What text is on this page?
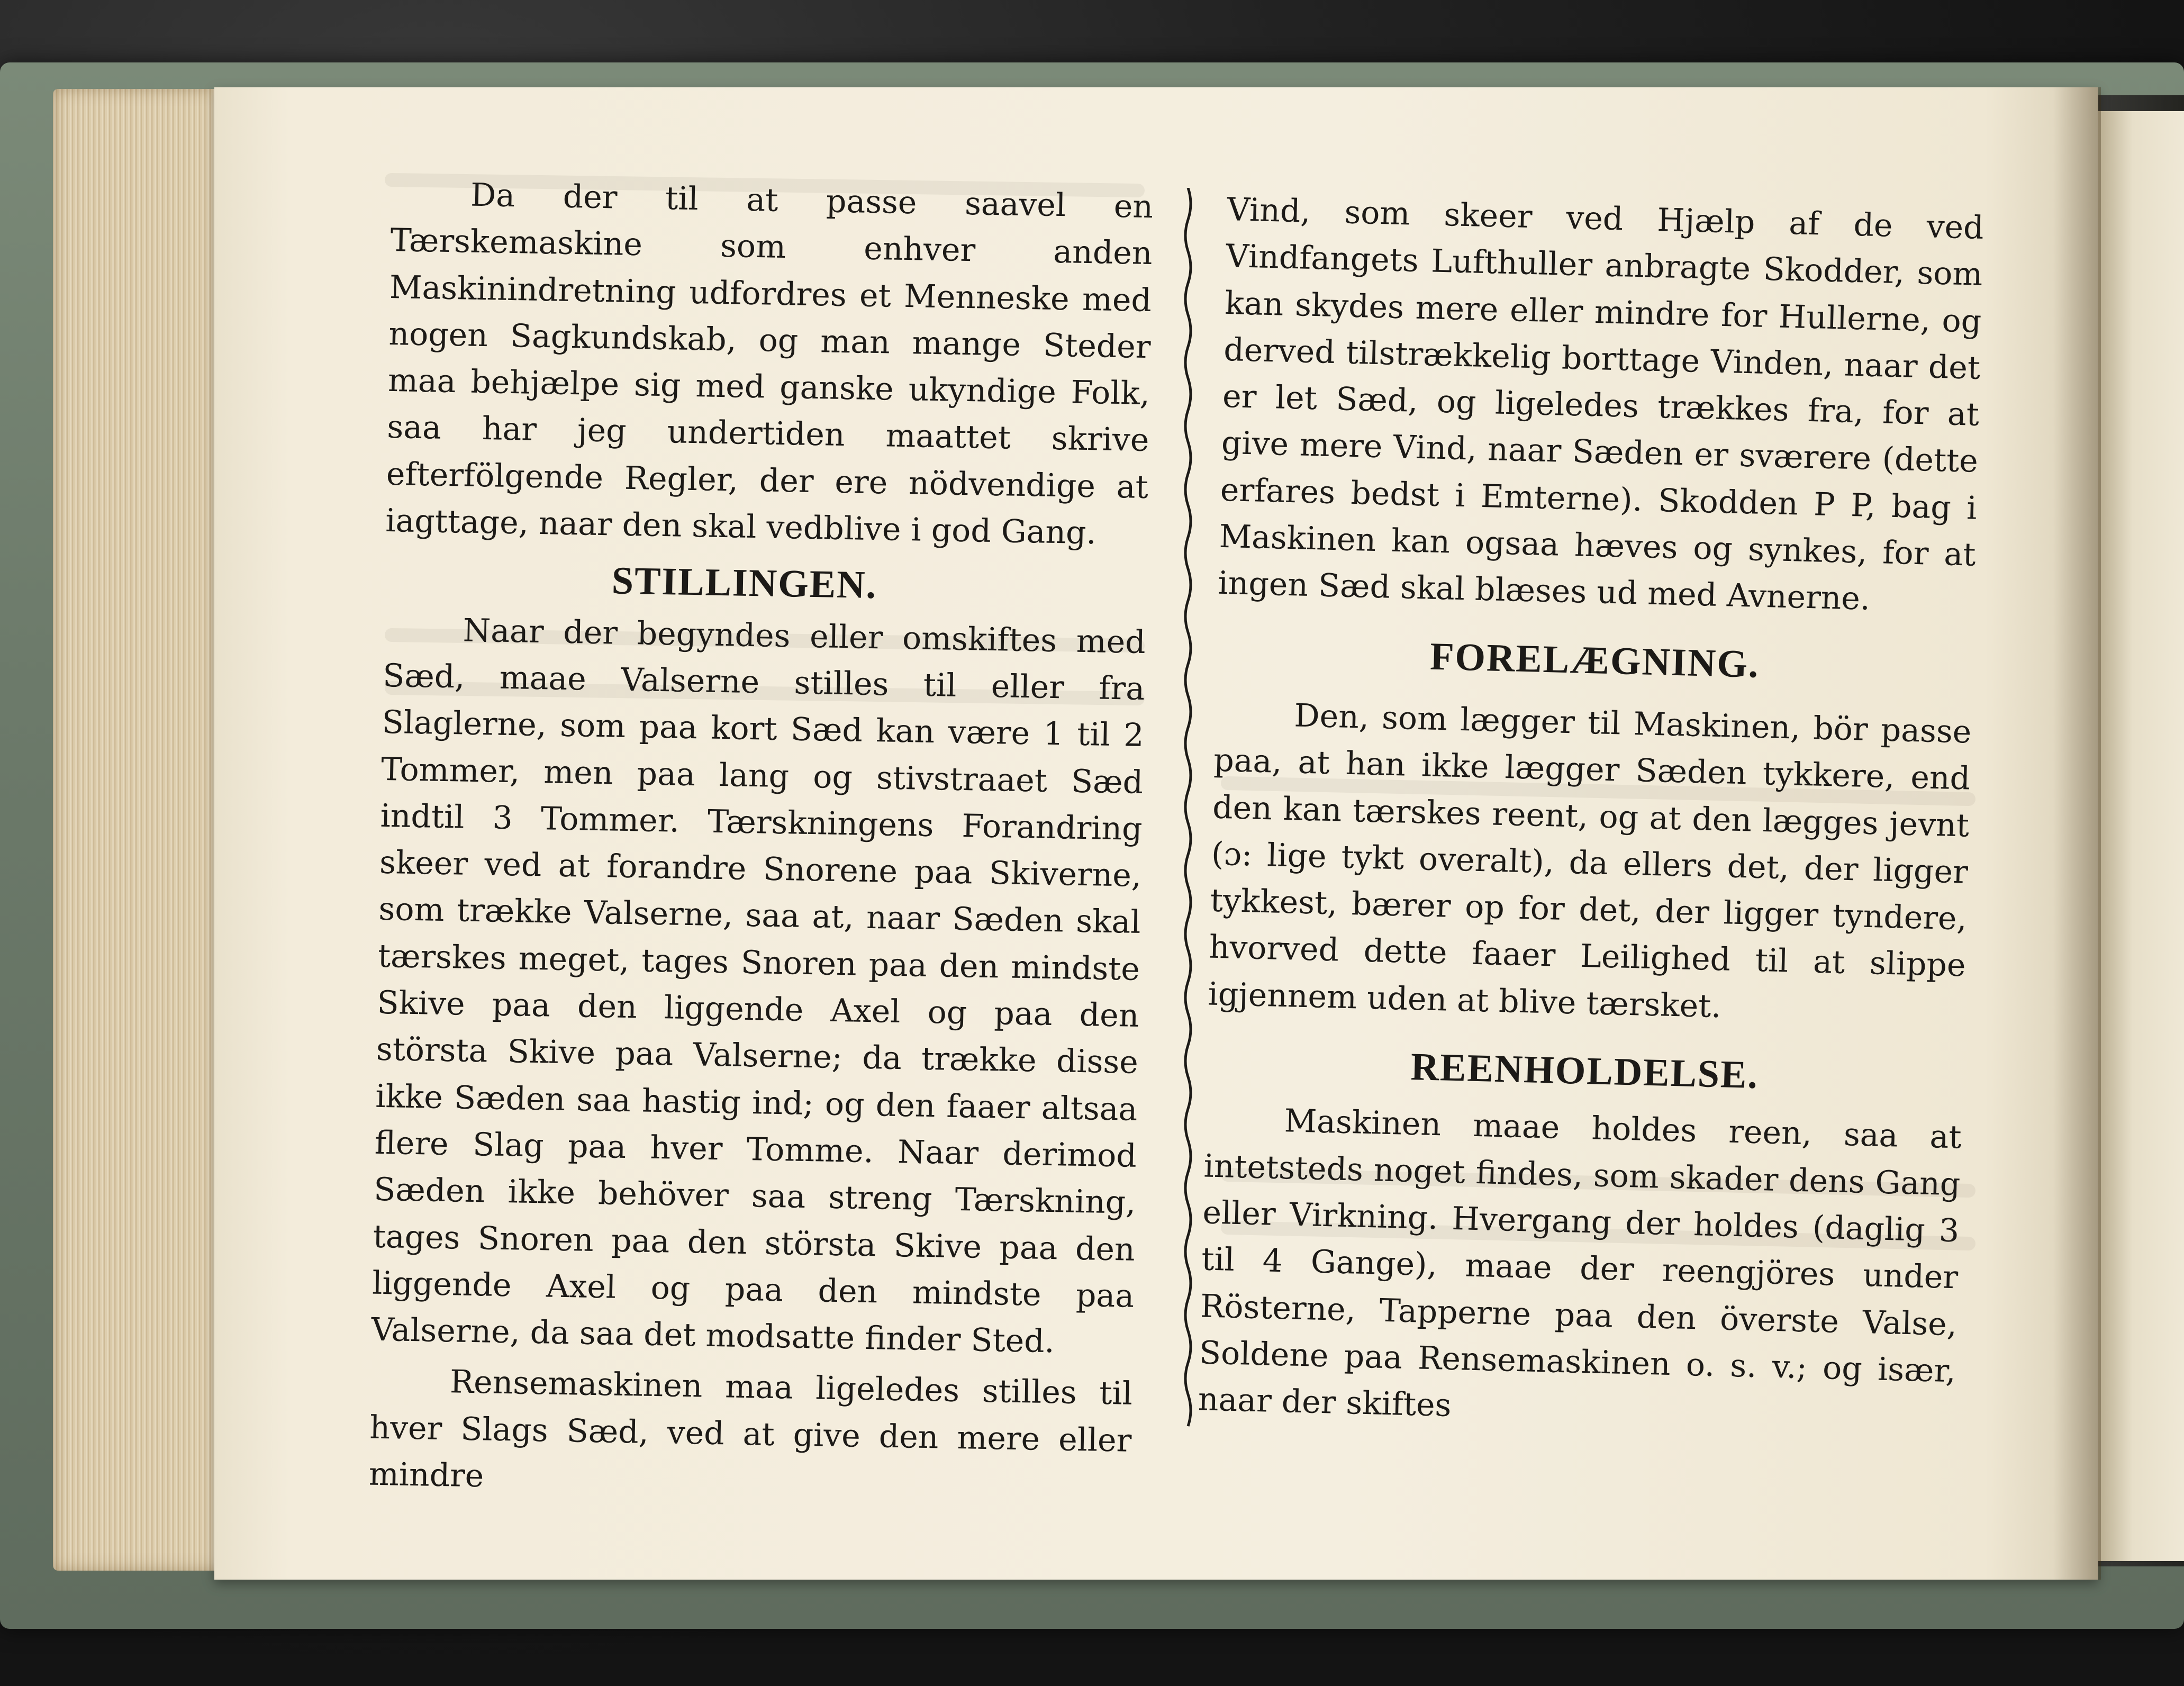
Da der til at passe saavel en Tærskemaskine som enhver anden Maskinindretning udfordres et Menneske med nogen Sagkundskab, og man mange Steder maa behjælpe sig med ganske ukyndige Folk, saa har jeg undertiden maattet skrive efterfölgende Regler, der ere nödvendige at iagttage, naar den skal vedblive i god Gang.

STILLINGEN.

Naar der begyndes eller omskiftes med Sæd, maae Valserne stilles til eller fra Slaglerne, som paa kort Sæd kan være 1 til 2 Tommer, men paa lang og stivstraaet Sæd indtil 3 Tommer. Tærskningens Forandring skeer ved at forandre Snorene paa Skiverne, som trække Valserne, saa at, naar Sæden skal tærskes meget, tages Snoren paa den mindste Skive paa den liggende Axel og paa den största Skive paa Valserne; da trække disse ikke Sæden saa hastig ind; og den faaer altsaa flere Slag paa hver Tomme. Naar derimod Sæden ikke behöver saa streng Tærskning, tages Snoren paa den största Skive paa den liggende Axel og paa den mindste paa Valserne, da saa det modsatte finder Sted.

Rensemaskinen maa ligeledes stilles til hver Slags Sæd, ved at give den mere eller mindre

Vind, som skeer ved Hjælp af de ved Vindfangets Lufthuller anbragte Skodder, som kan skydes mere eller mindre for Hullerne, og derved tilstrækkelig borttage Vinden, naar det er let Sæd, og ligeledes trækkes fra, for at give mere Vind, naar Sæden er sværere (dette erfares bedst i Emterne). Skodden P P, bag i Maskinen kan ogsaa hæves og synkes, for at ingen Sæd skal blæses ud med Avnerne.

FORELÆGNING.

Den, som lægger til Maskinen, bör passe paa, at han ikke lægger Sæden tykkere, end den kan tærskes reent, og at den lægges jevnt (ɔ: lige tykt overalt), da ellers det, der ligger tykkest, bærer op for det, der ligger tyndere, hvorved dette faaer Leilighed til at slippe igjennem uden at blive tærsket.

REENHOLDELSE.

Maskinen maae holdes reen, saa at intetsteds noget findes, som skader dens Gang eller Virkning. Hvergang der holdes (daglig 3 til 4 Gange), maae der reengjöres under Rösterne, Tapperne paa den överste Valse, Soldene paa Rensemaskinen o. s. v.; og især, naar der skiftes
